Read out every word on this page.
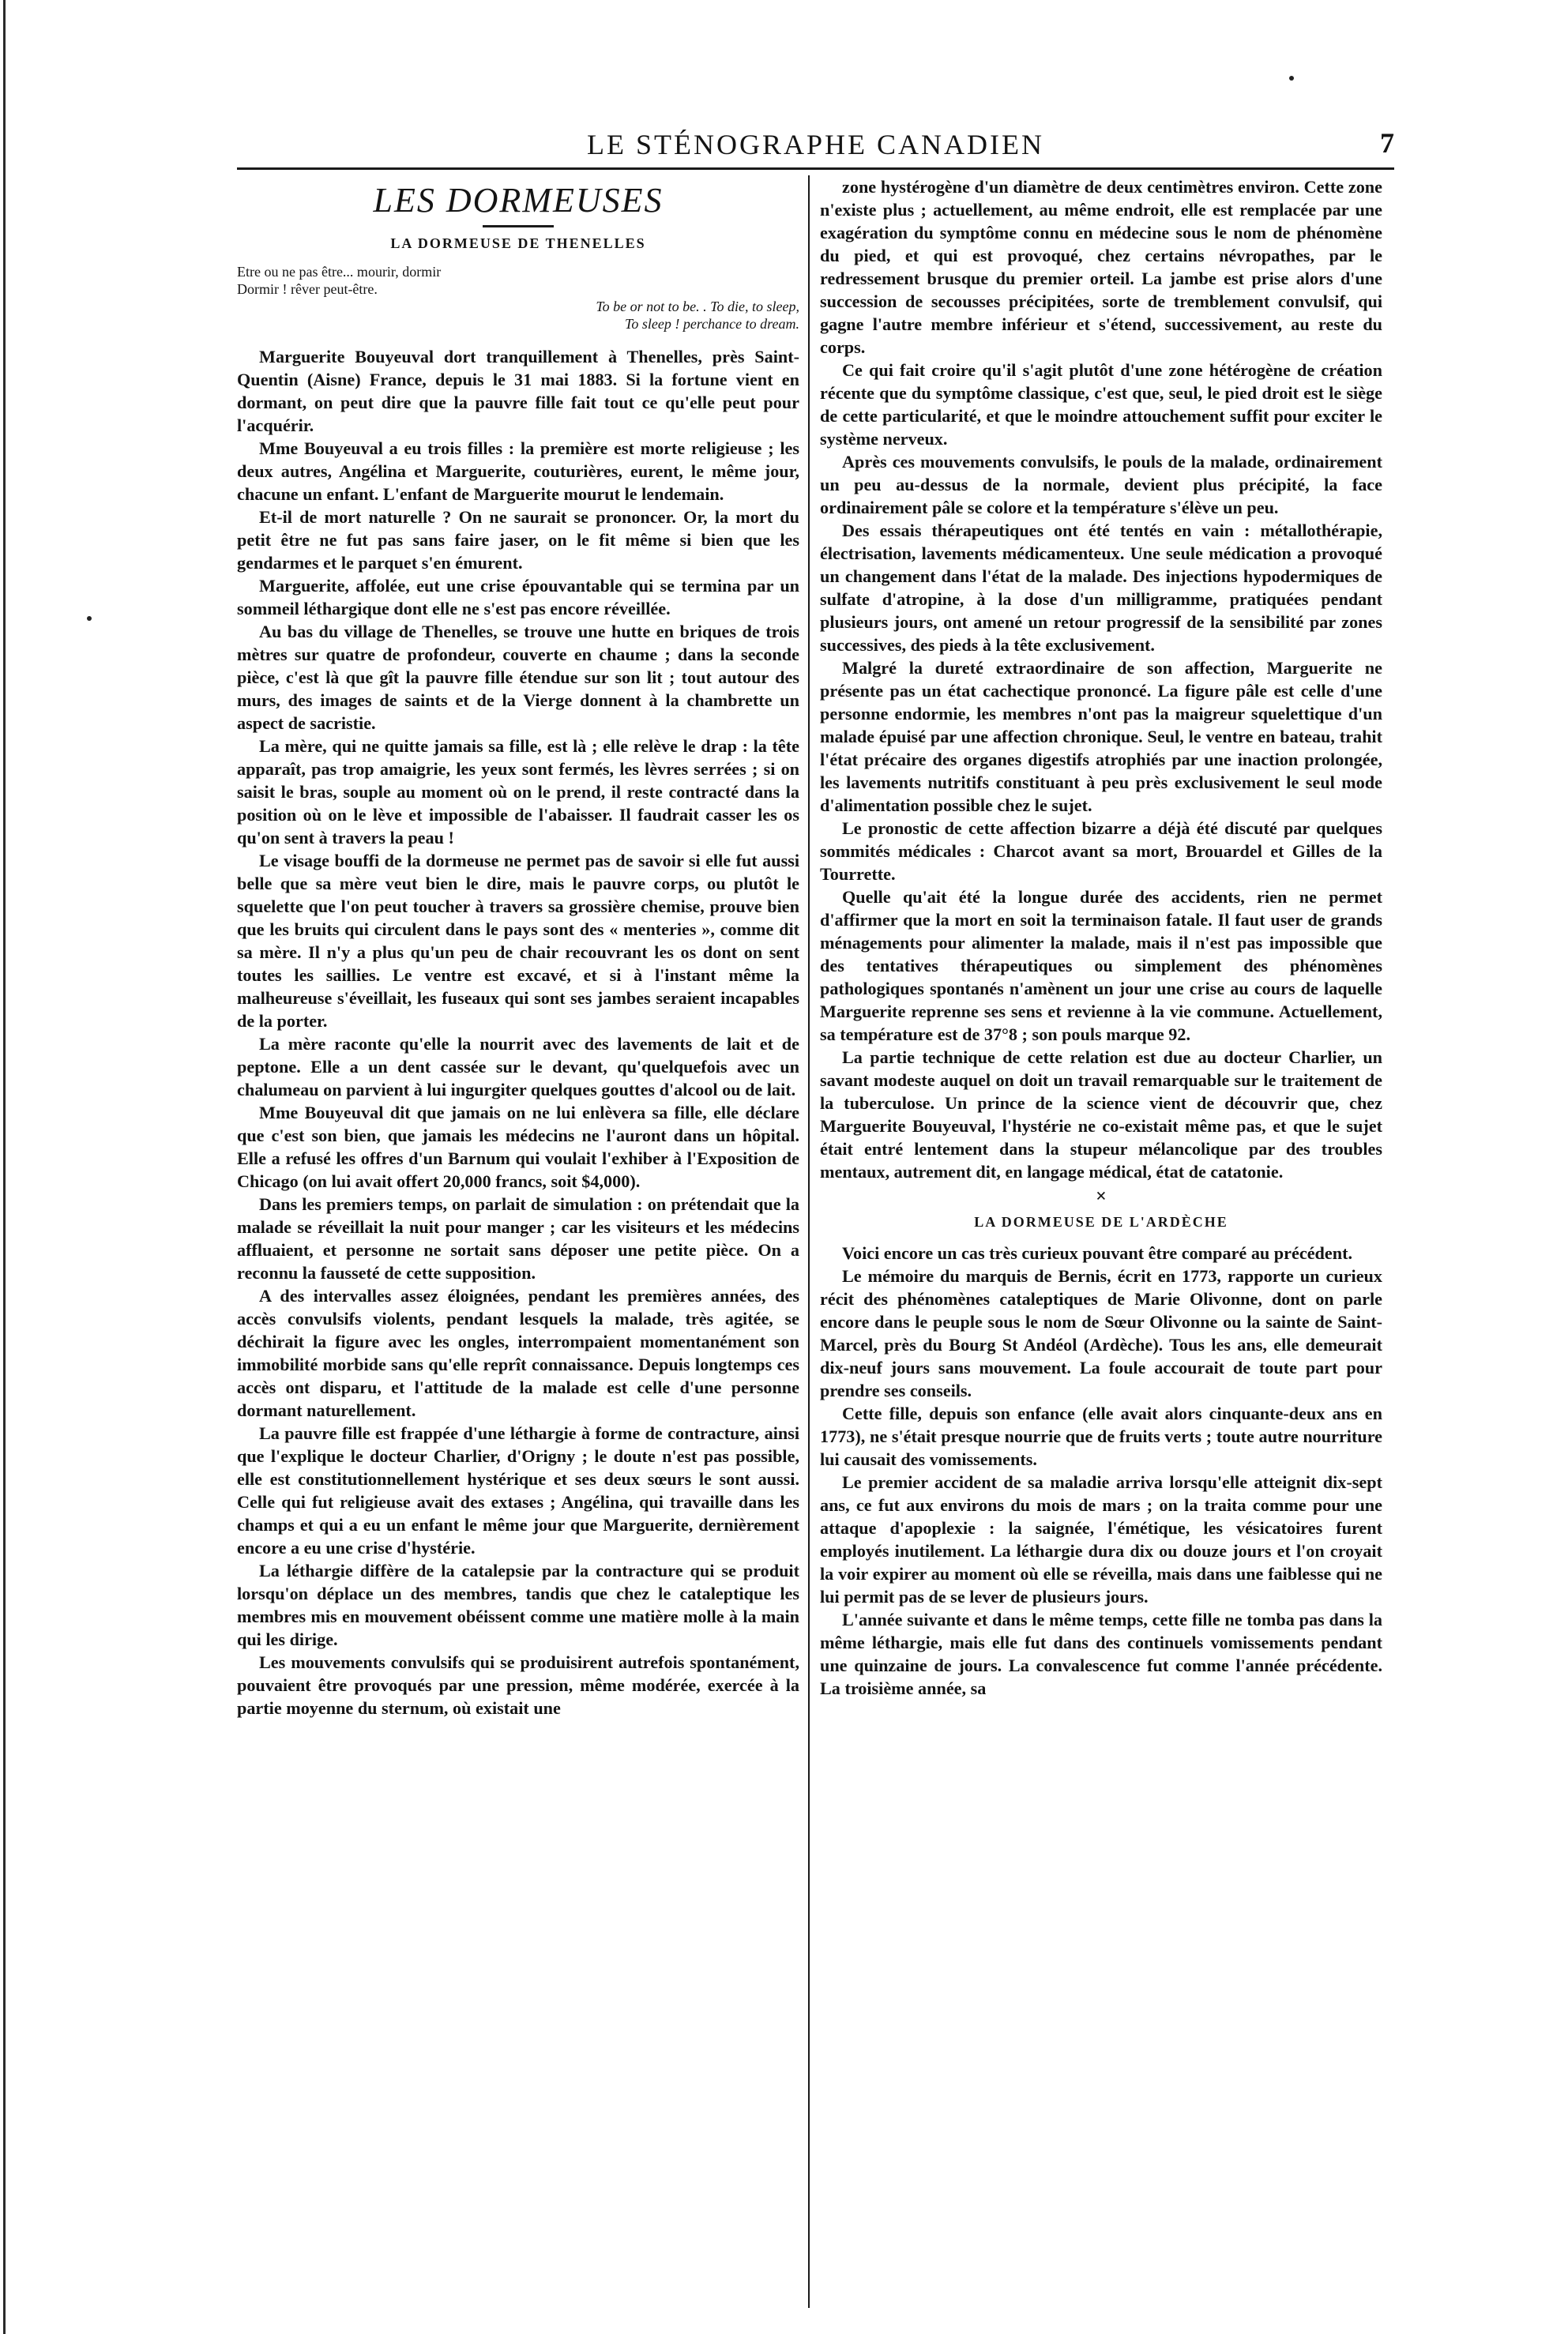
LE STÉNOGRAPHE CANADIEN	7
LES DORMEUSES
LA DORMEUSE DE THENELLES

Etre ou ne pas être... mourir, dormir

Dormir ! rêver peut-être.

To be or not to be. . To die, to sleep,

To sleep ! perchance to dream.

Marguerite Bouyeuval dort tranquillement à Thenelles, près Saint-Quentin (Aisne) France, depuis le 31 mai 1883. Si la fortune vient en dormant, on peut dire que la pauvre fille fait tout ce qu'elle peut pour l'acquérir.

Mme Bouyeuval a eu trois filles : la première est morte religieuse ; les deux autres, Angélina et Marguerite, couturières, eurent, le même jour, chacune un enfant. L'enfant de Marguerite mourut le lendemain.

Et-il de mort naturelle ? On ne saurait se prononcer. Or, la mort du petit être ne fut pas sans faire jaser, on le fit même si bien que les gendarmes et le parquet s'en émurent.

Marguerite, affolée, eut une crise épouvantable qui se termina par un sommeil léthargique dont elle ne s'est pas encore réveillée.

Au bas du village de Thenelles, se trouve une hutte en briques de trois mètres sur quatre de profondeur, couverte en chaume ; dans la seconde pièce, c'est là que gît la pauvre fille étendue sur son lit ; tout autour des murs, des images de saints et de la Vierge donnent à la chambrette un aspect de sacristie.

La mère, qui ne quitte jamais sa fille, est là ; elle relève le drap : la tête apparaît, pas trop amaigrie, les yeux sont fermés, les lèvres serrées ; si on saisit le bras, souple au moment où on le prend, il reste contracté dans la position où on le lève et impossible de l'abaisser. Il faudrait casser les os qu'on sent à travers la peau !

Le visage bouffi de la dormeuse ne permet pas de savoir si elle fut aussi belle que sa mère veut bien le dire, mais le pauvre corps, ou plutôt le squelette que l'on peut toucher à travers sa grossière chemise, prouve bien que les bruits qui circulent dans le pays sont des « menteries », comme dit sa mère. Il n'y a plus qu'un peu de chair recouvrant les os dont on sent toutes les saillies. Le ventre est excavé, et si à l'instant même la malheureuse s'éveillait, les fuseaux qui sont ses jambes seraient incapables de la porter.

La mère raconte qu'elle la nourrit avec des lavements de lait et de peptone. Elle a un dent cassée sur le devant, qu'quelquefois avec un chalumeau on parvient à lui ingurgiter quelques gouttes d'alcool ou de lait.

Mme Bouyeuval dit que jamais on ne lui enlèvera sa fille, elle déclare que c'est son bien, que jamais les médecins ne l'auront dans un hôpital. Elle a refusé les offres d'un Barnum qui voulait l'exhiber à l'Exposition de Chicago (on lui avait offert 20,000 francs, soit $4,000).

Dans les premiers temps, on parlait de simulation : on prétendait que la malade se réveillait la nuit pour manger ; car les visiteurs et les médecins affluaient, et personne ne sortait sans déposer une petite pièce. On a reconnu la fausseté de cette supposition.

A des intervalles assez éloignées, pendant les premières années, des accès convulsifs violents, pendant lesquels la malade, très agitée, se déchirait la figure avec les ongles, interrompaient momentanément son immobilité morbide sans qu'elle reprît connaissance. Depuis longtemps ces accès ont disparu, et l'attitude de la malade est celle d'une personne dormant naturellement.

La pauvre fille est frappée d'une léthargie à forme de contracture, ainsi que l'explique le docteur Charlier, d'Origny ; le doute n'est pas possible, elle est constitutionnellement hystérique et ses deux sœurs le sont aussi. Celle qui fut religieuse avait des extases ; Angélina, qui travaille dans les champs et qui a eu un enfant le même jour que Marguerite, dernièrement encore a eu une crise d'hystérie.

La léthargie diffère de la catalepsie par la contracture qui se produit lorsqu'on déplace un des membres, tandis que chez le cataleptique les membres mis en mouvement obéissent comme une matière molle à la main qui les dirige.

Les mouvements convulsifs qui se produisirent autrefois spontanément, pouvaient être provoqués par une pression, même modérée, exercée à la partie moyenne du sternum, où existait une

zone hystérogène d'un diamètre de deux centimètres environ. Cette zone n'existe plus ; actuellement, au même endroit, elle est remplacée par une exagération du symptôme connu en médecine sous le nom de phénomène du pied, et qui est provoqué, chez certains névropathes, par le redressement brusque du premier orteil. La jambe est prise alors d'une succession de secousses précipitées, sorte de tremblement convulsif, qui gagne l'autre membre inférieur et s'étend, successivement, au reste du corps.

Ce qui fait croire qu'il s'agit plutôt d'une zone hétérogène de création récente que du symptôme classique, c'est que, seul, le pied droit est le siège de cette particularité, et que le moindre attouchement suffit pour exciter le système nerveux.

Après ces mouvements convulsifs, le pouls de la malade, ordinairement un peu au-dessus de la normale, devient plus précipité, la face ordinairement pâle se colore et la température s'élève un peu.

Des essais thérapeutiques ont été tentés en vain : métallothérapie, électrisation, lavements médicamenteux. Une seule médication a provoqué un changement dans l'état de la malade. Des injections hypodermiques de sulfate d'atropine, à la dose d'un milligramme, pratiquées pendant plusieurs jours, ont amené un retour progressif de la sensibilité par zones successives, des pieds à la tête exclusivement.

Malgré la dureté extraordinaire de son affection, Marguerite ne présente pas un état cachectique prononcé. La figure pâle est celle d'une personne endormie, les membres n'ont pas la maigreur squelettique d'un malade épuisé par une affection chronique. Seul, le ventre en bateau, trahit l'état précaire des organes digestifs atrophiés par une inaction prolongée, les lavements nutritifs constituant à peu près exclusivement le seul mode d'alimentation possible chez le sujet.

Le pronostic de cette affection bizarre a déjà été discuté par quelques sommités médicales : Charcot avant sa mort, Brouardel et Gilles de la Tourrette.

Quelle qu'ait été la longue durée des accidents, rien ne permet d'affirmer que la mort en soit la terminaison fatale. Il faut user de grands ménagements pour alimenter la malade, mais il n'est pas impossible que des tentatives thérapeutiques ou simplement des phénomènes pathologiques spontanés n'amènent un jour une crise au cours de laquelle Marguerite reprenne ses sens et revienne à la vie commune. Actuellement, sa température est de 37°8 ; son pouls marque 92.

La partie technique de cette relation est due au docteur Charlier, un savant modeste auquel on doit un travail remarquable sur le traitement de la tuberculose. Un prince de la science vient de découvrir que, chez Marguerite Bouyeuval, l'hystérie ne co-existait même pas, et que le sujet était entré lentement dans la stupeur mélancolique par des troubles mentaux, autrement dit, en langage médical, état de catatonie.

×
LA DORMEUSE DE L'ARDÈCHE

Voici encore un cas très curieux pouvant être comparé au précédent.

Le mémoire du marquis de Bernis, écrit en 1773, rapporte un curieux récit des phénomènes cataleptiques de Marie Olivonne, dont on parle encore dans le peuple sous le nom de Sœur Olivonne ou la sainte de Saint-Marcel, près du Bourg St Andéol (Ardèche). Tous les ans, elle demeurait dix-neuf jours sans mouvement. La foule accourait de toute part pour prendre ses conseils.

Cette fille, depuis son enfance (elle avait alors cinquante-deux ans en 1773), ne s'était presque nourrie que de fruits verts ; toute autre nourriture lui causait des vomissements.

Le premier accident de sa maladie arriva lorsqu'elle atteignit dix-sept ans, ce fut aux environs du mois de mars ; on la traita comme pour une attaque d'apoplexie : la saignée, l'émétique, les vésicatoires furent employés inutilement. La léthargie dura dix ou douze jours et l'on croyait la voir expirer au moment où elle se réveilla, mais dans une faiblesse qui ne lui permit pas de se lever de plusieurs jours.

L'année suivante et dans le même temps, cette fille ne tomba pas dans la même léthargie, mais elle fut dans des continuels vomissements pendant une quinzaine de jours. La convalescence fut comme l'année précédente. La troisième année, sa
